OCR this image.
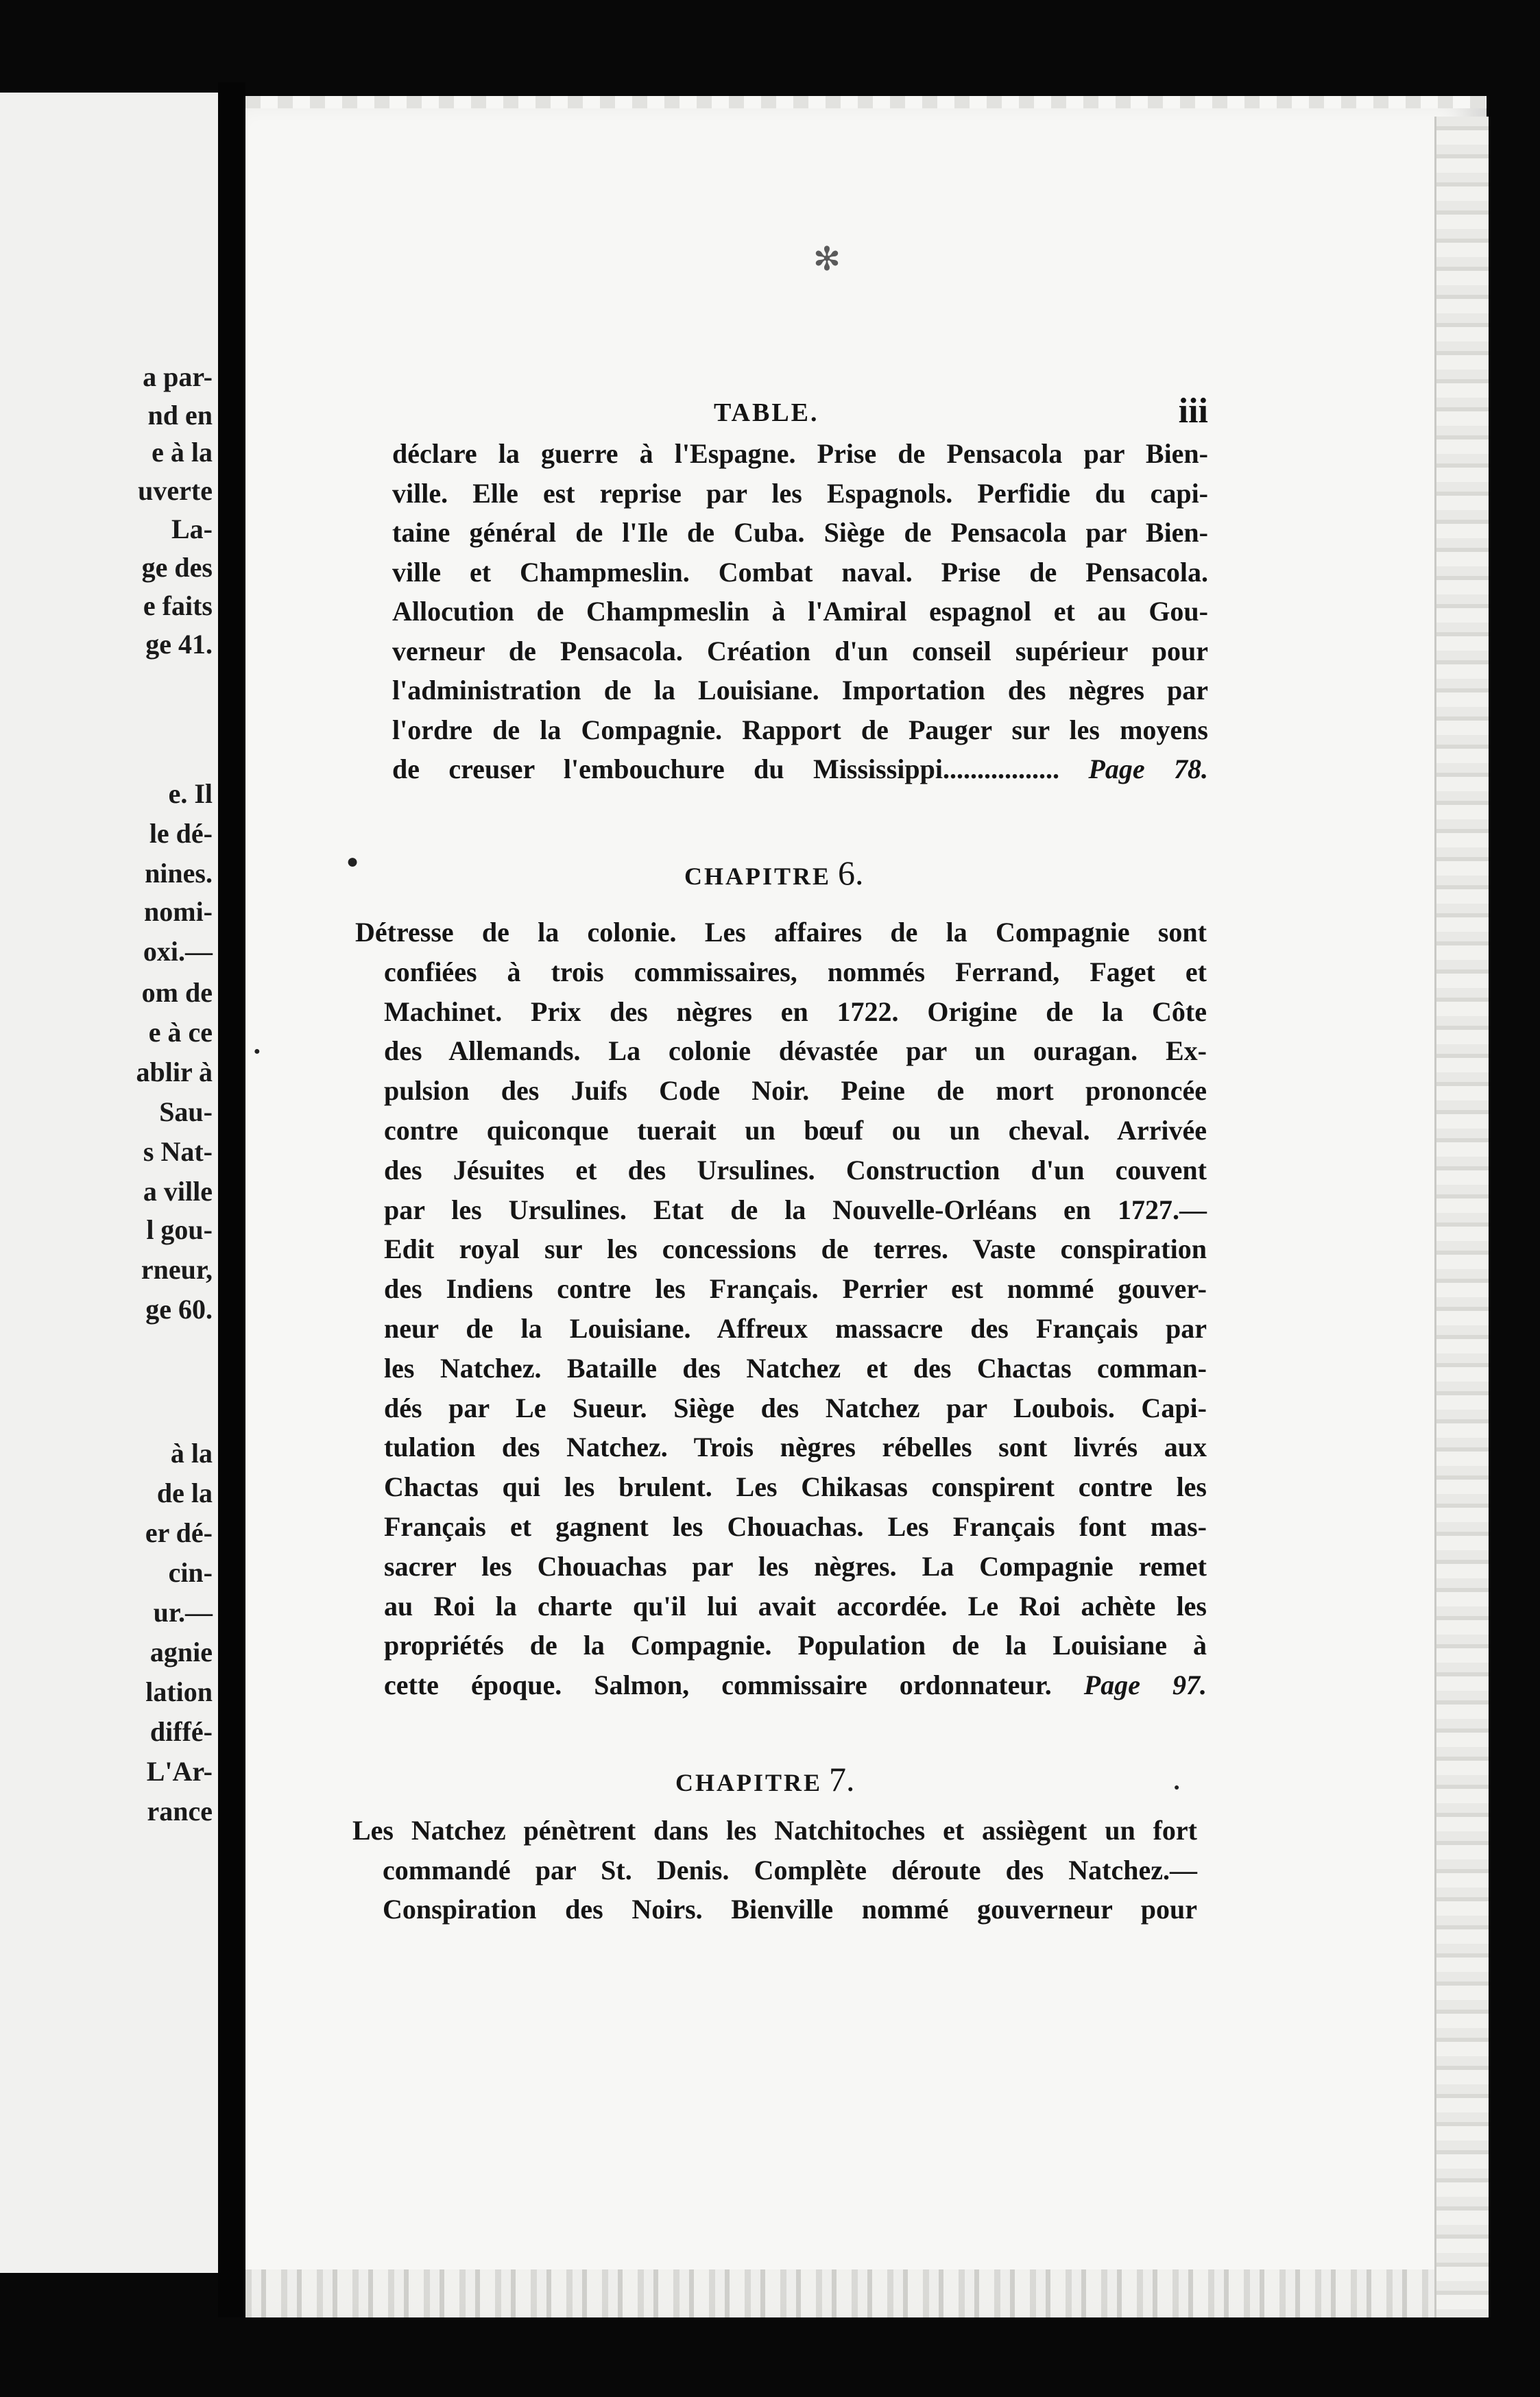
a par-
nd en
e à la
uverte
La-
ge des
e faits
ge 41.
e. Il
le dé-
nines.
nomi-
oxi.—
om de
e à ce
ablir à
Sau-
s Nat-
a ville
l gou-
rneur,
ge 60.
à la
de la
er dé-
cin-
ur.—
agnie
lation
diffé-
L'Ar-
rance
✻
●
●
●
TABLE.	iii
déclare la guerre à l'Espagne. Prise de Pensacola par Bien-
ville. Elle est reprise par les Espagnols. Perfidie du capi-
taine général de l'Ile de Cuba. Siège de Pensacola par Bien-
ville et Champmeslin. Combat naval. Prise de Pensacola.
Allocution de Champmeslin à l'Amiral espagnol et au Gou-
verneur de Pensacola. Création d'un conseil supérieur pour
l'administration de la Louisiane. Importation des nègres par
l'ordre de la Compagnie. Rapport de Pauger sur les moyens
de creuser l'embouchure du Mississippi................. Page 78.
CHAPITRE 6.
Détresse de la colonie. Les affaires de la Compagnie sont
confiées à trois commissaires, nommés Ferrand, Faget et
Machinet. Prix des nègres en 1722. Origine de la Côte
des Allemands. La colonie dévastée par un ouragan. Ex-
pulsion des Juifs Code Noir. Peine de mort prononcée
contre quiconque tuerait un bœuf ou un cheval. Arrivée
des Jésuites et des Ursulines. Construction d'un couvent
par les Ursulines. Etat de la Nouvelle-Orléans en 1727.—
Edit royal sur les concessions de terres. Vaste conspiration
des Indiens contre les Français. Perrier est nommé gouver-
neur de la Louisiane. Affreux massacre des Français par
les Natchez. Bataille des Natchez et des Chactas comman-
dés par Le Sueur. Siège des Natchez par Loubois. Capi-
tulation des Natchez. Trois nègres rébelles sont livrés aux
Chactas qui les brulent. Les Chikasas conspirent contre les
Français et gagnent les Chouachas. Les Français font mas-
sacrer les Chouachas par les nègres. La Compagnie remet
au Roi la charte qu'il lui avait accordée. Le Roi achète les
propriétés de la Compagnie. Population de la Louisiane à
cette époque. Salmon, commissaire ordonnateur. Page 97.
CHAPITRE 7.
Les Natchez pénètrent dans les Natchitoches et assiègent un fort
commandé par St. Denis. Complète déroute des Natchez.—
Conspiration des Noirs. Bienville nommé gouverneur pour
